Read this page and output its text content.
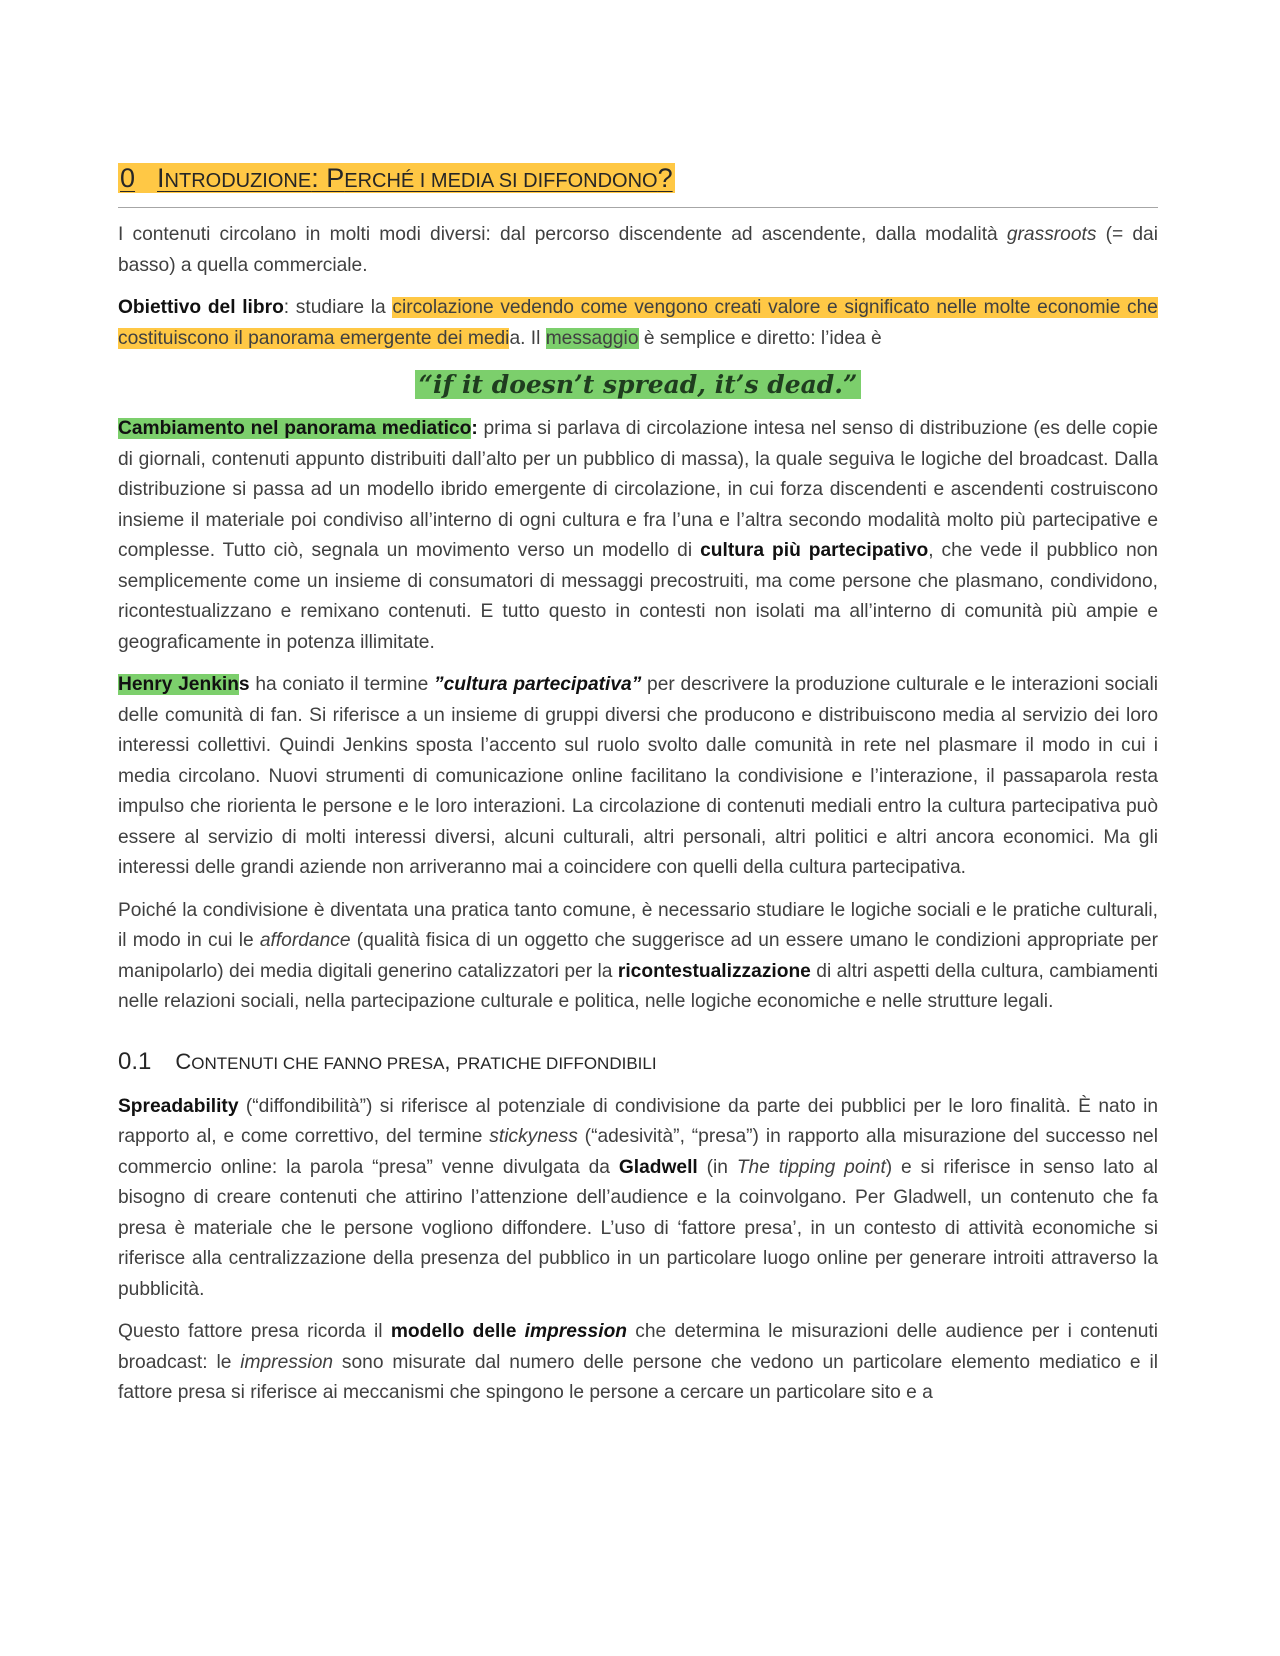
0 INTRODUZIONE: PERCHÉ I MEDIA SI DIFFONDONO?

I contenuti circolano in molti modi diversi: dal percorso discendente ad ascendente, dalla modalità grassroots (= dai basso) a quella commerciale.

Obiettivo del libro: studiare la circolazione vedendo come vengono creati valore e significato nelle molte economie che costituiscono il panorama emergente dei media. Il messaggio è semplice e diretto: l’idea è

“if it doesn’t spread, it’s dead.”

Cambiamento nel panorama mediatico: prima si parlava di circolazione intesa nel senso di distribuzione (es delle copie di giornali, contenuti appunto distribuiti dall’alto per un pubblico di massa), la quale seguiva le logiche del broadcast. Dalla distribuzione si passa ad un modello ibrido emergente di circolazione, in cui forza discendenti e ascendenti costruiscono insieme il materiale poi condiviso all’interno di ogni cultura e fra l’una e l’altra secondo modalità molto più partecipative e complesse. Tutto ciò, segnala un movimento verso un modello di cultura più partecipativo, che vede il pubblico non semplicemente come un insieme di consumatori di messaggi precostruiti, ma come persone che plasmano, condividono, ricontestualizzano e remixano contenuti. E tutto questo in contesti non isolati ma all’interno di comunità più ampie e geograficamente in potenza illimitate.

Henry Jenkins ha coniato il termine ”cultura partecipativa” per descrivere la produzione culturale e le interazioni sociali delle comunità di fan. Si riferisce a un insieme di gruppi diversi che producono e distribuiscono media al servizio dei loro interessi collettivi. Quindi Jenkins sposta l’accento sul ruolo svolto dalle comunità in rete nel plasmare il modo in cui i media circolano. Nuovi strumenti di comunicazione online facilitano la condivisione e l’interazione, il passaparola resta impulso che riorienta le persone e le loro interazioni. La circolazione di contenuti mediali entro la cultura partecipativa può essere al servizio di molti interessi diversi, alcuni culturali, altri personali, altri politici e altri ancora economici. Ma gli interessi delle grandi aziende non arriveranno mai a coincidere con quelli della cultura partecipativa.

Poiché la condivisione è diventata una pratica tanto comune, è necessario studiare le logiche sociali e le pratiche culturali, il modo in cui le affordance (qualità fisica di un oggetto che suggerisce ad un essere umano le condizioni appropriate per manipolarlo) dei media digitali generino catalizzatori per la ricontestualizzazione di altri aspetti della cultura, cambiamenti nelle relazioni sociali, nella partecipazione culturale e politica, nelle logiche economiche e nelle strutture legali.

0.1 CONTENUTI CHE FANNO PRESA, PRATICHE DIFFONDIBILI

Spreadability (“diffondibilità”) si riferisce al potenziale di condivisione da parte dei pubblici per le loro finalità. È nato in rapporto al, e come correttivo, del termine stickyness (“adesività”, “presa”) in rapporto alla misurazione del successo nel commercio online: la parola “presa” venne divulgata da Gladwell (in The tipping point) e si riferisce in senso lato al bisogno di creare contenuti che attirino l’attenzione dell’audience e la coinvolgano. Per Gladwell, un contenuto che fa presa è materiale che le persone vogliono diffondere. L’uso di ‘fattore presa’, in un contesto di attività economiche si riferisce alla centralizzazione della presenza del pubblico in un particolare luogo online per generare introiti attraverso la pubblicità.

Questo fattore presa ricorda il modello delle impression che determina le misurazioni delle audience per i contenuti broadcast: le impression sono misurate dal numero delle persone che vedono un particolare elemento mediatico e il fattore presa si riferisce ai meccanismi che spingono le persone a cercare un particolare sito e a
